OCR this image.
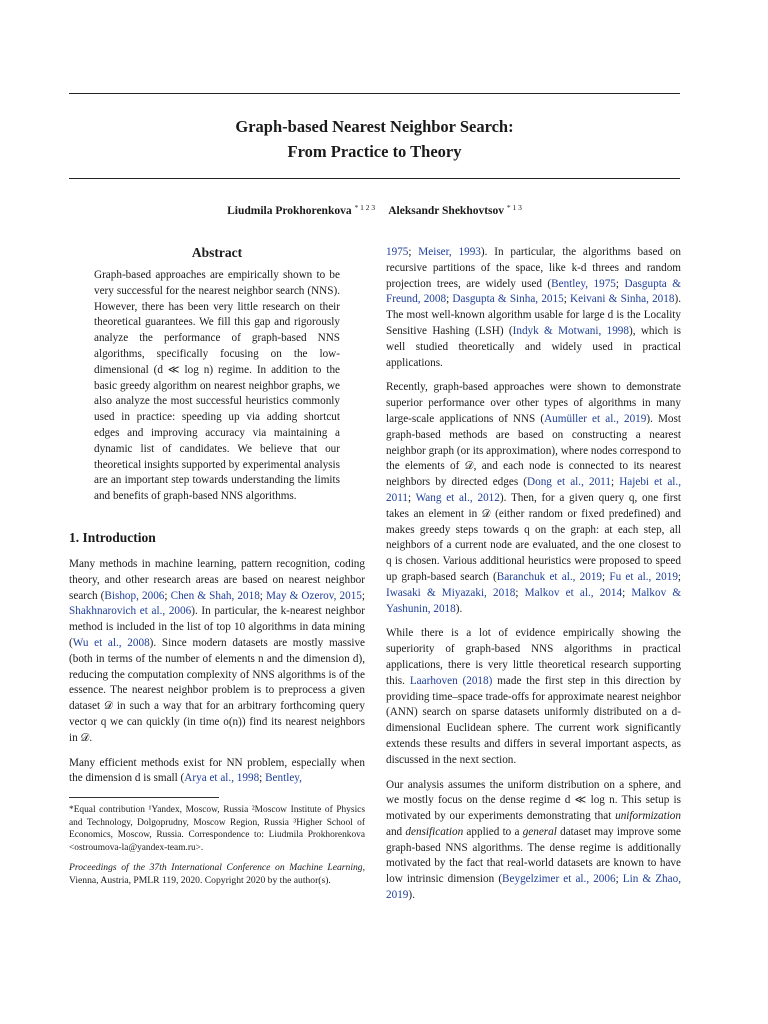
Graph-based Nearest Neighbor Search:
From Practice to Theory
Liudmila Prokhorenkova $^{* 1 2 3}$ Aleksandr Shekhovtsov $^{* 1 3}$
Abstract
Graph-based approaches are empirically shown to be very successful for the nearest neighbor search (NNS). However, there has been very little research on their theoretical guarantees. We fill this gap and rigorously analyze the performance of graph-based NNS algorithms, specifically focusing on the low-dimensional (d ≪ log n) regime. In addition to the basic greedy algorithm on nearest neighbor graphs, we also analyze the most successful heuristics commonly used in practice: speeding up via adding shortcut edges and improving accuracy via maintaining a dynamic list of candidates. We believe that our theoretical insights supported by experimental analysis are an important step towards understanding the limits and benefits of graph-based NNS algorithms.
1. Introduction

Many methods in machine learning, pattern recognition, coding theory, and other research areas are based on nearest neighbor search (Bishop, 2006; Chen & Shah, 2018; May & Ozerov, 2015; Shakhnarovich et al., 2006). In particular, the k-nearest neighbor method is included in the list of top 10 algorithms in data mining (Wu et al., 2008). Since modern datasets are mostly massive (both in terms of the number of elements n and the dimension d), reducing the computation complexity of NNS algorithms is of the essence. The nearest neighbor problem is to preprocess a given dataset 𝒟 in such a way that for an arbitrary forthcoming query vector q we can quickly (in time o(n)) find its nearest neighbors in 𝒟.

Many efficient methods exist for NN problem, especially when the dimension d is small (Arya et al., 1998; Bentley,

*Equal contribution ¹Yandex, Moscow, Russia ²Moscow Institute of Physics and Technology, Dolgoprudny, Moscow Region, Russia ³Higher School of Economics, Moscow, Russia. Correspondence to: Liudmila Prokhorenkova <ostroumova-la@yandex-team.ru>.
Proceedings of the 37th International Conference on Machine Learning, Vienna, Austria, PMLR 119, 2020. Copyright 2020 by the author(s).

1975; Meiser, 1993). In particular, the algorithms based on recursive partitions of the space, like k-d threes and random projection trees, are widely used (Bentley, 1975; Dasgupta & Freund, 2008; Dasgupta & Sinha, 2015; Keivani & Sinha, 2018). The most well-known algorithm usable for large d is the Locality Sensitive Hashing (LSH) (Indyk & Motwani, 1998), which is well studied theoretically and widely used in practical applications.

Recently, graph-based approaches were shown to demonstrate superior performance over other types of algorithms in many large-scale applications of NNS (Aumüller et al., 2019). Most graph-based methods are based on constructing a nearest neighbor graph (or its approximation), where nodes correspond to the elements of 𝒟, and each node is connected to its nearest neighbors by directed edges (Dong et al., 2011; Hajebi et al., 2011; Wang et al., 2012). Then, for a given query q, one first takes an element in 𝒟 (either random or fixed predefined) and makes greedy steps towards q on the graph: at each step, all neighbors of a current node are evaluated, and the one closest to q is chosen. Various additional heuristics were proposed to speed up graph-based search (Baranchuk et al., 2019; Fu et al., 2019; Iwasaki & Miyazaki, 2018; Malkov et al., 2014; Malkov & Yashunin, 2018).

While there is a lot of evidence empirically showing the superiority of graph-based NNS algorithms in practical applications, there is very little theoretical research supporting this. Laarhoven (2018) made the first step in this direction by providing time–space trade-offs for approximate nearest neighbor (ANN) search on sparse datasets uniformly distributed on a d-dimensional Euclidean sphere. The current work significantly extends these results and differs in several important aspects, as discussed in the next section.

Our analysis assumes the uniform distribution on a sphere, and we mostly focus on the dense regime d ≪ log n. This setup is motivated by our experiments demonstrating that uniformization and densification applied to a general dataset may improve some graph-based NNS algorithms. The dense regime is additionally motivated by the fact that real-world datasets are known to have low intrinsic dimension (Beygelzimer et al., 2006; Lin & Zhao, 2019).
